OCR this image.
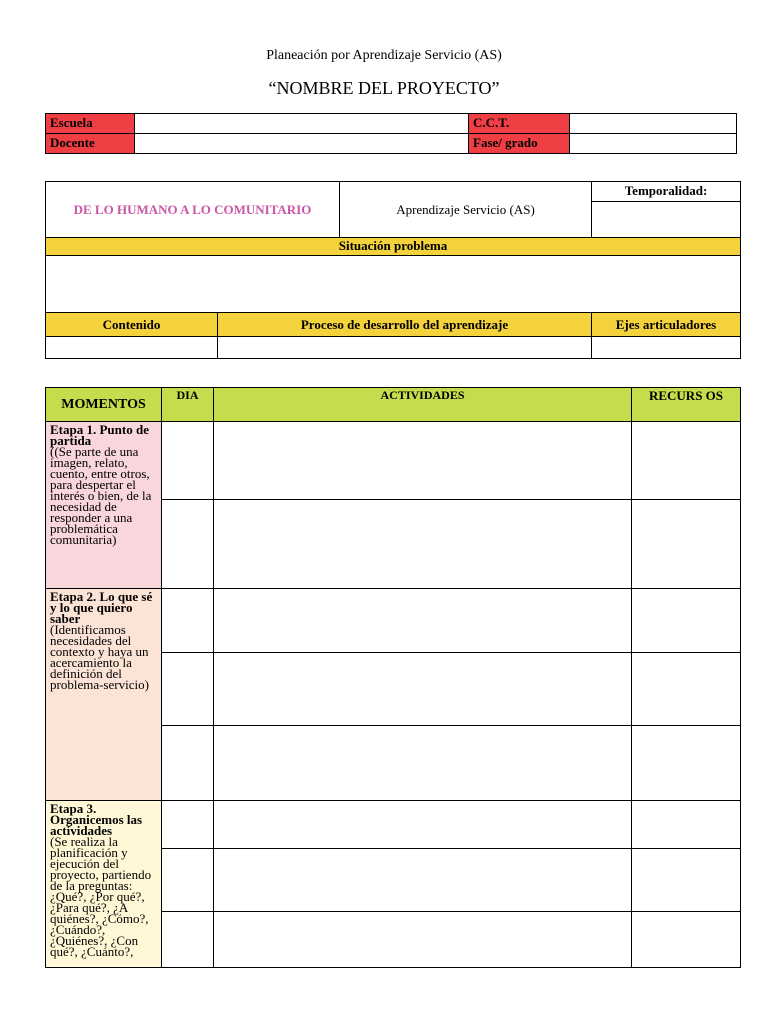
Planeación por Aprendizaje Servicio (AS)
“NOMBRE DEL PROYECTO”
Escuela		C.C.T.	
Docente		Fase/ grado	
DE LO HUMANO A LO COMUNITARIO		Aprendizaje Servicio (AS)	Temporalidad:

Situación problema			

Contenido	Proceso de desarrollo del aprendizaje		Ejes articuladores

MOMENTOS	DIA	ACTIVIDADES	RECURS OS
Etapa 1. Punto de partida
((Se parte de una imagen, relato, cuento, entre otros, para despertar el interés o bien, de la necesidad de responder a una problemática comunitaria)			

Etapa 2. Lo que sé y lo que quiero saber
(Identificamos necesidades del contexto y haya un acercamiento la definición del problema-servicio)			

Etapa 3. Organicemos las actividades
(Se realiza la planificación y ejecución del proyecto, partiendo de la preguntas: ¿Qué?, ¿Por qué?, ¿Para qué?, ¿A quiénes?, ¿Cómo?, ¿Cuándo?, ¿Quiénes?, ¿Con qué?, ¿Cuánto?,			
